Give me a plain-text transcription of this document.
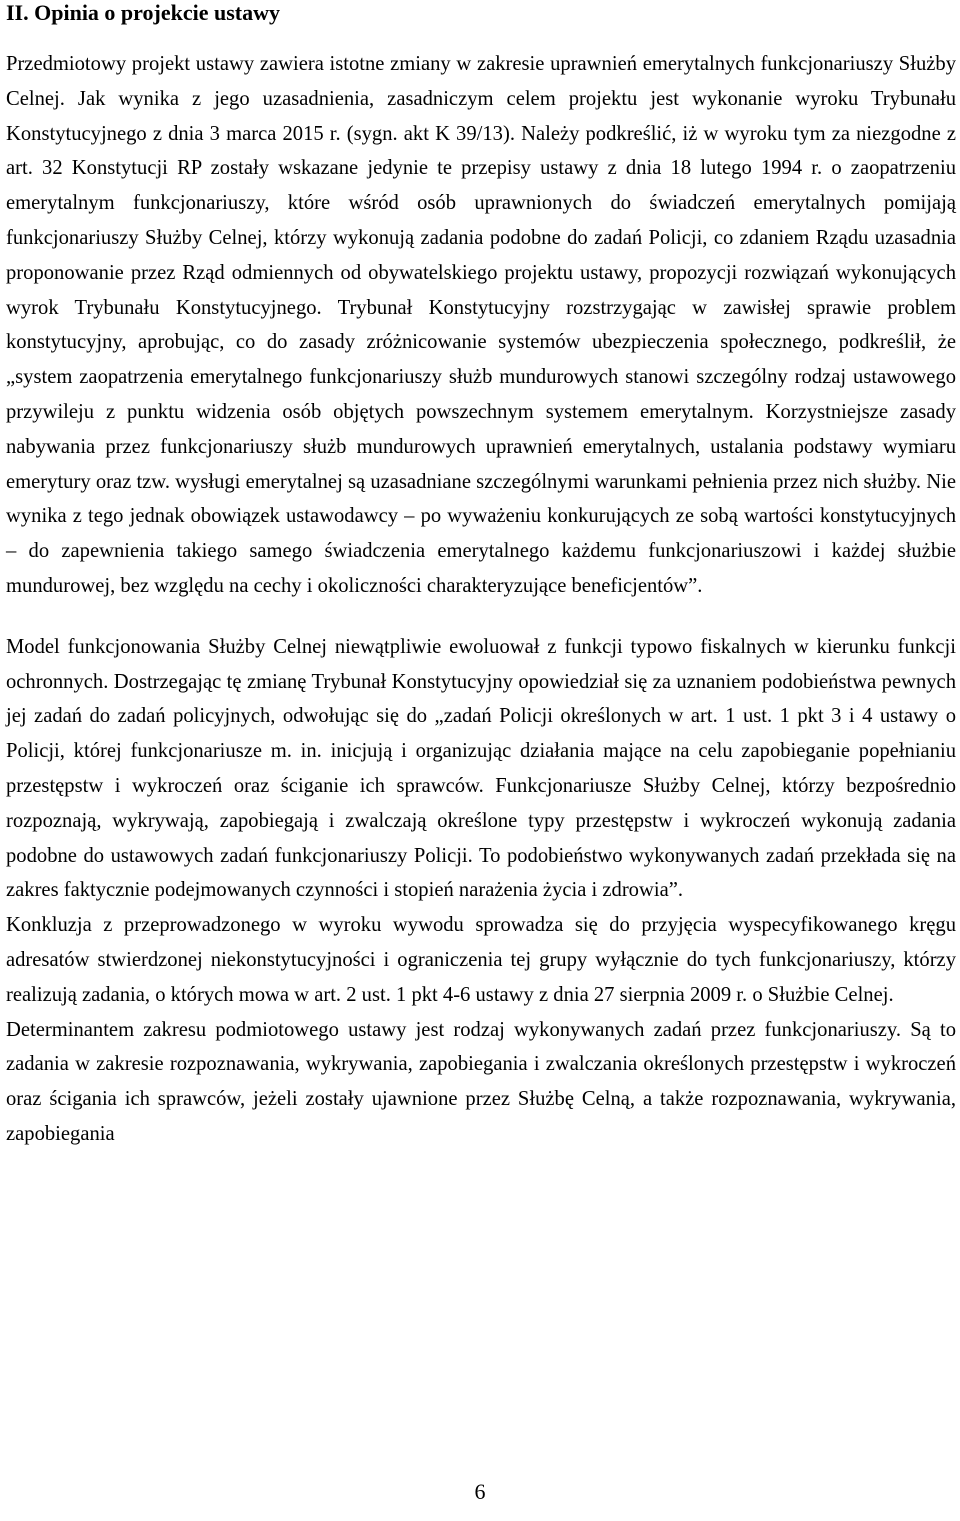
II. Opinia o projekcie ustawy

Przedmiotowy projekt ustawy zawiera istotne zmiany w zakresie uprawnień emerytalnych funkcjonariuszy Służby Celnej. Jak wynika z jego uzasadnienia, zasadniczym celem projektu jest wykonanie wyroku Trybunału Konstytucyjnego z dnia 3 marca 2015 r. (sygn. akt K 39/13). Należy podkreślić, iż w wyroku tym za niezgodne z art. 32 Konstytucji RP zostały wskazane jedynie te przepisy ustawy z dnia 18 lutego 1994 r. o zaopatrzeniu emerytalnym funkcjonariuszy, które wśród osób uprawnionych do świadczeń emerytalnych pomijają funkcjonariuszy Służby Celnej, którzy wykonują zadania podobne do zadań Policji, co zdaniem Rządu uzasadnia proponowanie przez Rząd odmiennych od obywatelskiego projektu ustawy, propozycji rozwiązań wykonujących wyrok Trybunału Konstytucyjnego. Trybunał Konstytucyjny rozstrzygając w zawisłej sprawie problem konstytucyjny, aprobując, co do zasady zróżnicowanie systemów ubezpieczenia społecznego, podkreślił, że „system zaopatrzenia emerytalnego funkcjonariuszy służb mundurowych stanowi szczególny rodzaj ustawowego przywileju z punktu widzenia osób objętych powszechnym systemem emerytalnym. Korzystniejsze zasady nabywania przez funkcjonariuszy służb mundurowych uprawnień emerytalnych, ustalania podstawy wymiaru emerytury oraz tzw. wysługi emerytalnej są uzasadniane szczególnymi warunkami pełnienia przez nich służby. Nie wynika z tego jednak obowiązek ustawodawcy – po wyważeniu konkurujących ze sobą wartości konstytucyjnych – do zapewnienia takiego samego świadczenia emerytalnego każdemu funkcjonariuszowi i każdej służbie mundurowej, bez względu na cechy i okoliczności charakteryzujące beneficjentów”.

Model funkcjonowania Służby Celnej niewątpliwie ewoluował z funkcji typowo fiskalnych w kierunku funkcji ochronnych. Dostrzegając tę zmianę Trybunał Konstytucyjny opowiedział się za uznaniem podobieństwa pewnych jej zadań do zadań policyjnych, odwołując się do „zadań Policji określonych w art. 1 ust. 1 pkt 3 i 4 ustawy o Policji, której funkcjonariusze m. in. inicjują i organizując działania mające na celu zapobieganie popełnianiu przestępstw i wykroczeń oraz ściganie ich sprawców. Funkcjonariusze Służby Celnej, którzy bezpośrednio rozpoznają, wykrywają, zapobiegają i zwalczają określone typy przestępstw i wykroczeń wykonują zadania podobne do ustawowych zadań funkcjonariuszy Policji. To podobieństwo wykonywanych zadań przekłada się na zakres faktycznie podejmowanych czynności i stopień narażenia życia i zdrowia”.

Konkluzja z przeprowadzonego w wyroku wywodu sprowadza się do przyjęcia wyspecyfikowanego kręgu adresatów stwierdzonej niekonstytucyjności i ograniczenia tej grupy wyłącznie do tych funkcjonariuszy, którzy realizują zadania, o których mowa w art. 2 ust. 1 pkt 4-6 ustawy z dnia 27 sierpnia 2009 r. o Służbie Celnej.

Determinantem zakresu podmiotowego ustawy jest rodzaj wykonywanych zadań przez funkcjonariuszy. Są to zadania w zakresie rozpoznawania, wykrywania, zapobiegania i zwalczania określonych przestępstw i wykroczeń oraz ścigania ich sprawców, jeżeli zostały ujawnione przez Służbę Celną, a także rozpoznawania, wykrywania, zapobiegania

6
